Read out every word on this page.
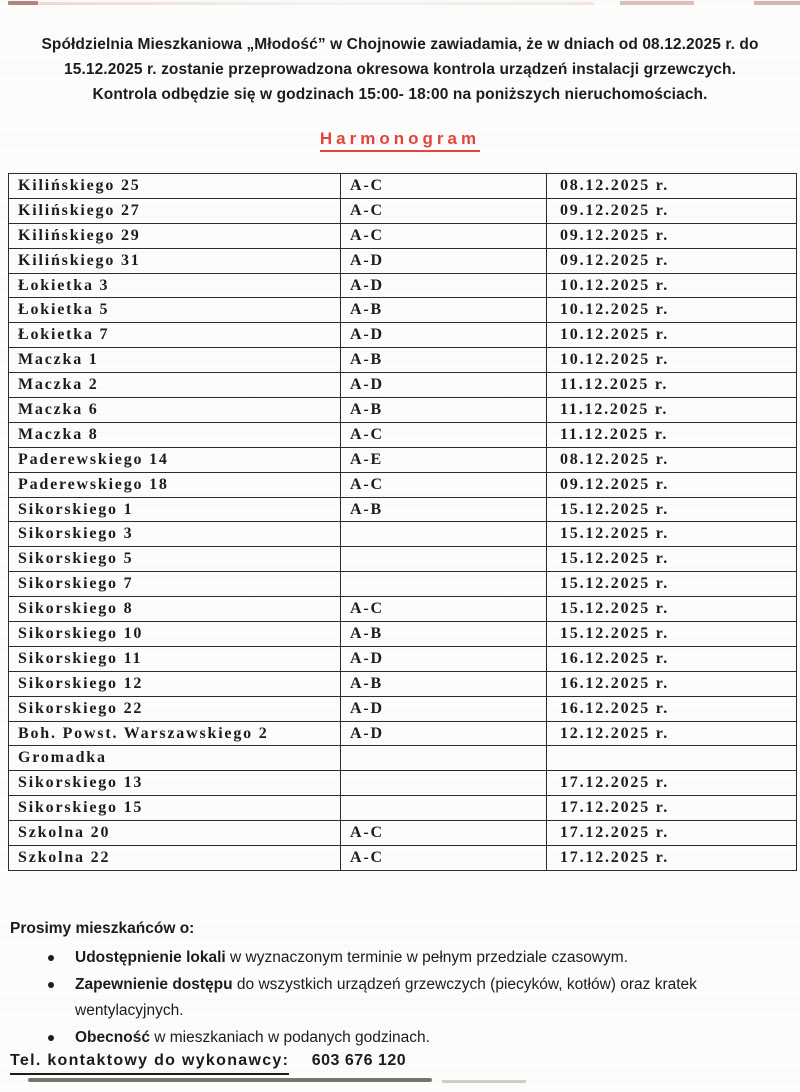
Spółdzielnia Mieszkaniowa „Młodość” w Chojnowie zawiadamia, że w dniach od 08.12.2025 r. do
15.12.2025 r. zostanie przeprowadzona okresowa kontrola urządzeń instalacji grzewczych.
Kontrola odbędzie się w godzinach 15:00- 18:00 na poniższych nieruchomościach.
Harmonogram
Kilińskiego 25	A-C	08.12.2025 r.
Kilińskiego 27	A-C	09.12.2025 r.
Kilińskiego 29	A-C	09.12.2025 r.
Kilińskiego 31	A-D	09.12.2025 r.
Łokietka 3	A-D	10.12.2025 r.
Łokietka 5	A-B	10.12.2025 r.
Łokietka 7	A-D	10.12.2025 r.
Maczka 1	A-B	10.12.2025 r.
Maczka 2	A-D	11.12.2025 r.
Maczka 6	A-B	11.12.2025 r.
Maczka 8	A-C	11.12.2025 r.
Paderewskiego 14	A-E	08.12.2025 r.
Paderewskiego 18	A-C	09.12.2025 r.
Sikorskiego 1	A-B	15.12.2025 r.
Sikorskiego 3		15.12.2025 r.
Sikorskiego 5		15.12.2025 r.
Sikorskiego 7		15.12.2025 r.
Sikorskiego 8	A-C	15.12.2025 r.
Sikorskiego 10	A-B	15.12.2025 r.
Sikorskiego 11	A-D	16.12.2025 r.
Sikorskiego 12	A-B	16.12.2025 r.
Sikorskiego 22	A-D	16.12.2025 r.
Boh. Powst. Warszawskiego 2	A-D	12.12.2025 r.
Gromadka		
Sikorskiego 13		17.12.2025 r.
Sikorskiego 15		17.12.2025 r.
Szkolna 20	A-C	17.12.2025 r.
Szkolna 22	A-C	17.12.2025 r.
Prosimy mieszkańców o:
Udostępnienie lokali w wyznaczonym terminie w pełnym przedziale czasowym.
Zapewnienie dostępu do wszystkich urządzeń grzewczych (piecyków, kotłów) oraz kratek wentylacyjnych.
Obecność w mieszkaniach w podanych godzinach.
Tel. kontaktowy do wykonawcy: 603 676 120
